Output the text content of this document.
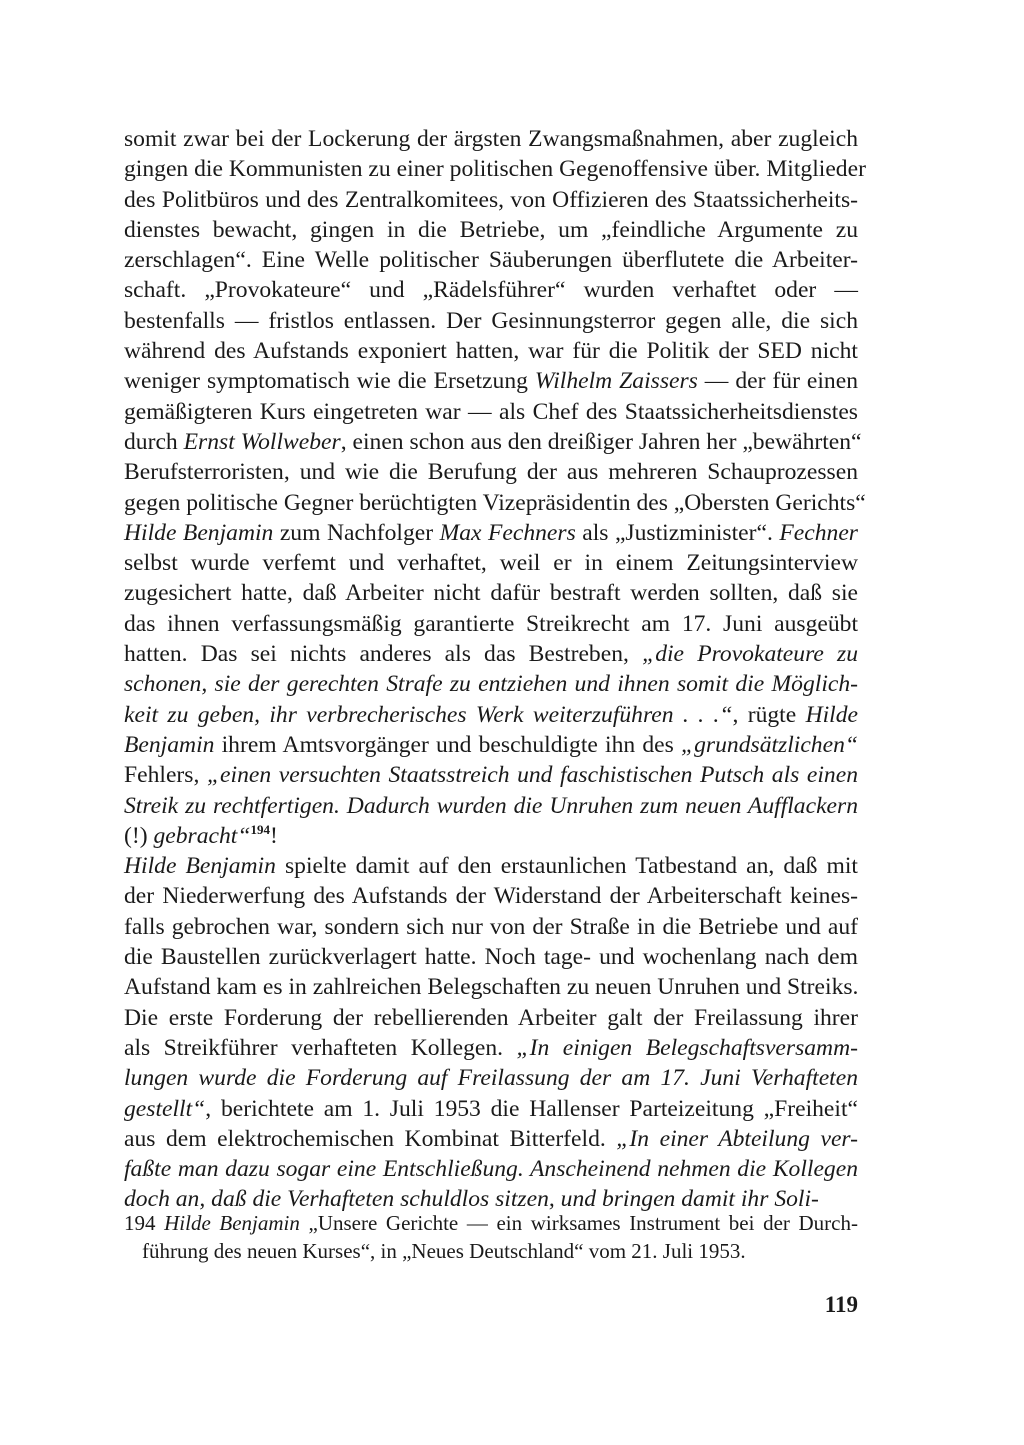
somit zwar bei der Lockerung der ärgsten Zwangsmaßnahmen, aber zugleich
gingen die Kommunisten zu einer politischen Gegenoffensive über. Mitglieder
des Politbüros und des Zentralkomitees, von Offizieren des Staatssicherheits-
dienstes bewacht, gingen in die Betriebe, um „feindliche Argumente zu
zerschlagen“. Eine Welle politischer Säuberungen überflutete die Arbeiter-
schaft. „Provokateure“ und „Rädelsführer“ wurden verhaftet oder —
bestenfalls — fristlos entlassen. Der Gesinnungsterror gegen alle, die sich
während des Aufstands exponiert hatten, war für die Politik der SED nicht
weniger symptomatisch wie die Ersetzung Wilhelm Zaissers — der für einen
gemäßigteren Kurs eingetreten war — als Chef des Staatssicherheitsdienstes
durch Ernst Wollweber, einen schon aus den dreißiger Jahren her „bewährten“
Berufsterroristen, und wie die Berufung der aus mehreren Schauprozessen
gegen politische Gegner berüchtigten Vizepräsidentin des „Obersten Gerichts“
Hilde Benjamin zum Nachfolger Max Fechners als „Justizminister“. Fechner
selbst wurde verfemt und verhaftet, weil er in einem Zeitungsinterview
zugesichert hatte, daß Arbeiter nicht dafür bestraft werden sollten, daß sie
das ihnen verfassungsmäßig garantierte Streikrecht am 17. Juni ausgeübt
hatten. Das sei nichts anderes als das Bestreben, „die Provokateure zu
schonen, sie der gerechten Strafe zu entziehen und ihnen somit die Möglich-
keit zu geben, ihr verbrecherisches Werk weiterzuführen . . .“, rügte Hilde
Benjamin ihrem Amtsvorgänger und beschuldigte ihn des „grundsätzlichen“
Fehlers, „einen versuchten Staatsstreich und faschistischen Putsch als einen
Streik zu rechtfertigen. Dadurch wurden die Unruhen zum neuen Aufflackern
(!) gebracht“$^{194}$!
Hilde Benjamin spielte damit auf den erstaunlichen Tatbestand an, daß mit
der Niederwerfung des Aufstands der Widerstand der Arbeiterschaft keines-
falls gebrochen war, sondern sich nur von der Straße in die Betriebe und auf
die Baustellen zurückverlagert hatte. Noch tage- und wochenlang nach dem
Aufstand kam es in zahlreichen Belegschaften zu neuen Unruhen und Streiks.
Die erste Forderung der rebellierenden Arbeiter galt der Freilassung ihrer
als Streikführer verhafteten Kollegen. „In einigen Belegschaftsversamm-
lungen wurde die Forderung auf Freilassung der am 17. Juni Verhafteten
gestellt“, berichtete am 1. Juli 1953 die Hallenser Parteizeitung „Freiheit“
aus dem elektrochemischen Kombinat Bitterfeld. „In einer Abteilung ver-
faßte man dazu sogar eine Entschließung. Anscheinend nehmen die Kollegen
doch an, daß die Verhafteten schuldlos sitzen, und bringen damit ihr Soli-
194 Hilde Benjamin „Unsere Gerichte — ein wirksames Instrument bei der Durch-
führung des neuen Kurses“, in „Neues Deutschland“ vom 21. Juli 1953.
119
